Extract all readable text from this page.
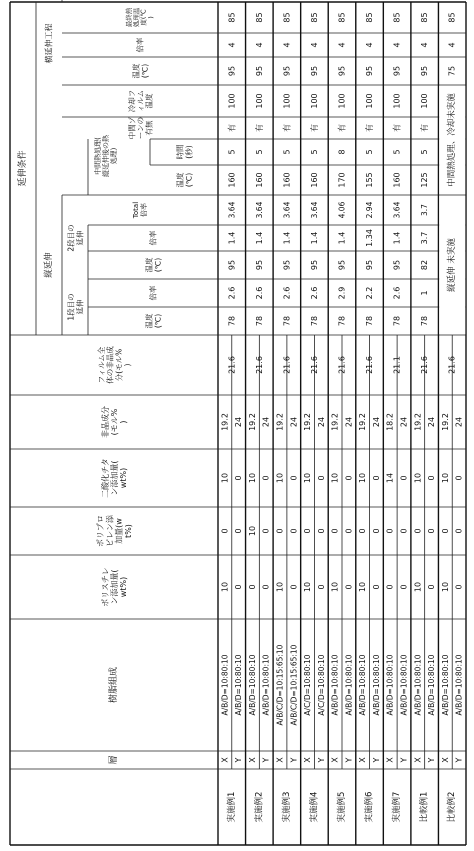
層
樹脂組成
ポリスチレン添加量(wt%)
ポリプロピレン添加量(wt%)
二酸化チタン添加量(wt%)
非晶成分(モル%)
フィルム全体の非晶成分(モル%)
延伸条件
縦延伸
1段目の延伸
2段目の延伸
温度(℃)
倍率
温度(℃)
倍率
Total倍率
中間熱処理(縦延伸後の熱処理)
温度(℃)
時間(秒)
中間ゾーンの有無
冷却フィルム温度
横延伸工程
温度(℃)
倍率
最終熱処理温度(℃)
実施例1
X
A/B/D=10:80:10
10
0
10
19.2
Y
A/B/D=10:80:10
0
0
0
24
実施例2
X
A/B/D=10:80:10
0
10
10
19.2
Y
A/B/D=10:80:10
0
0
0
24
実施例3
X
A/B/C/D=10:15:65:10
10
0
10
19.2
Y
A/B/C/D=10:15:65:10
0
0
0
24
実施例4
X
A/C/D=10:80:10
10
0
10
19.2
Y
A/C/D=10:80:10
0
0
0
24
実施例5
X
A/B/D=10:80:10
10
0
10
19.2
Y
A/B/D=10:80:10
0
0
0
24
実施例6
X
A/B/D=10:80:10
10
0
10
19.2
Y
A/B/D=10:80:10
0
0
0
24
実施例7
X
A/B/D=10:80:10
0
0
14
18.2
Y
A/B/D=10:80:10
0
0
0
24
比較例1
X
A/B/D=10:80:10
10
0
10
19.2
Y
A/B/D=10:80:10
0
0
0
24
比較例2
X
A/B/D=10:80:10
10
0
10
19.2
Y
A/B/D=10:80:10
0
0
0
24
21.6
78
2.6
95
1.4
3.64
160
5
有
100
95
4
85
21.6
78
2.6
95
1.4
3.64
160
5
有
100
95
4
85
21.6
78
2.6
95
1.4
3.64
160
5
有
100
95
4
85
21.6
78
2.6
95
1.4
3.64
160
5
有
100
95
4
85
21.6
78
2.9
95
1.4
4.06
170
8
有
100
95
4
85
21.6
78
2.2
95
1.34
2.94
155
5
有
100
95
4
85
21.1
78
2.6
95
1.4
3.64
160
5
有
100
95
4
85
21.6
78
1
82
3.7
3.7
125
5
有
100
95
4
85
21.6
縦延伸 未実施
中間熱処理、冷却未実施
75
4
85
